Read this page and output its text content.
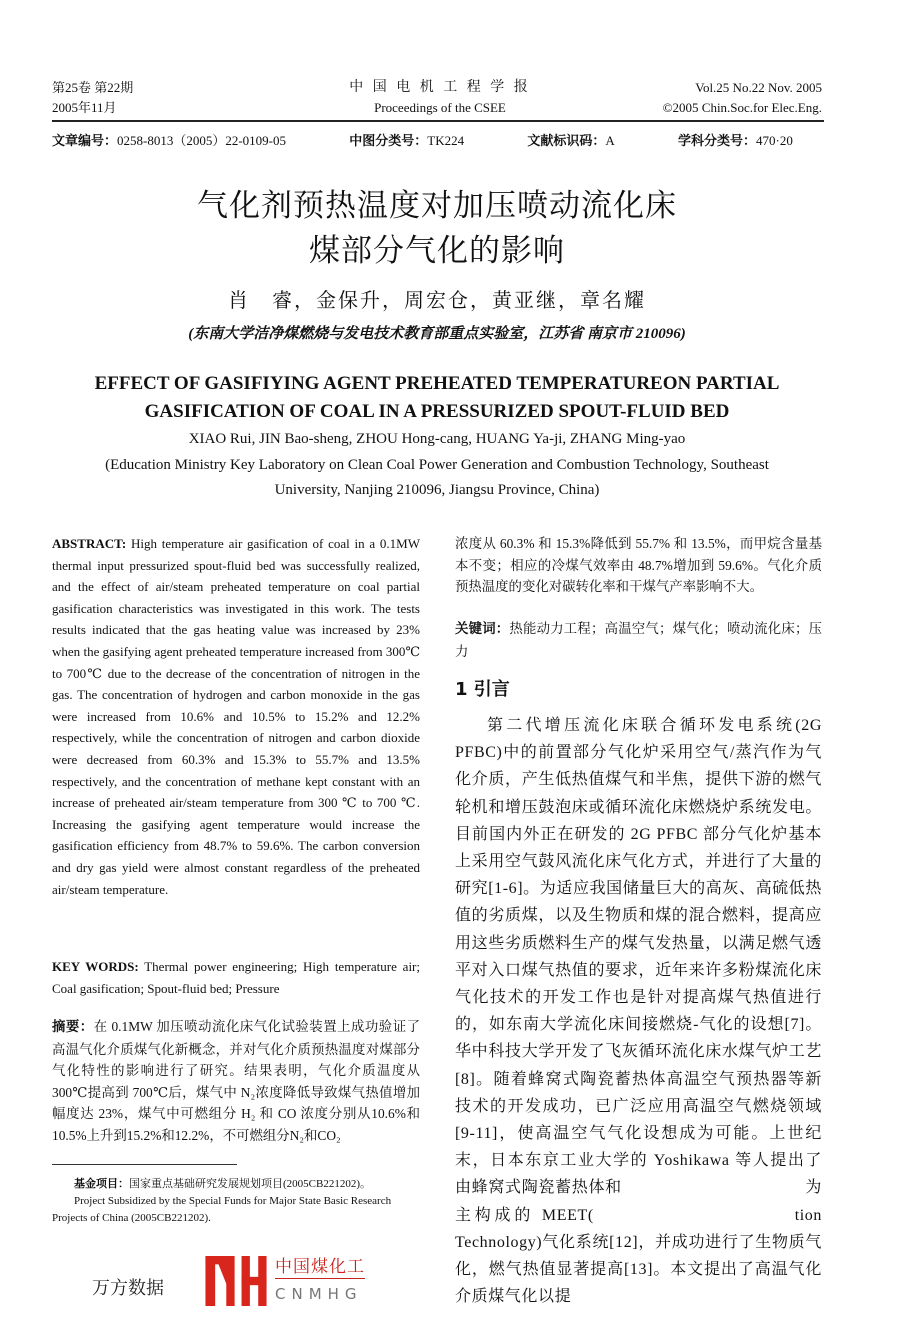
第25卷 第22期
2005年11月
中 国 电 机 工 程 学 报
Proceedings of the CSEE
Vol.25 No.22 Nov. 2005
©2005 Chin.Soc.for Elec.Eng.
文章编号：0258-8013（2005）22-0109-05	中图分类号：TK224	文献标识码：A	学科分类号：470·20
气化剂预热温度对加压喷动流化床
煤部分气化的影响
肖　睿，金保升，周宏仓，黄亚继，章名耀
(东南大学洁净煤燃烧与发电技术教育部重点实验室，江苏省 南京市 210096)
EFFECT OF GASIFIYING AGENT PREHEATED TEMPERATUREON PARTIAL
GASIFICATION OF COAL IN A PRESSURIZED SPOUT-FLUID BED
XIAO Rui, JIN Bao-sheng, ZHOU Hong-cang, HUANG Ya-ji, ZHANG Ming-yao
(Education Ministry Key Laboratory on Clean Coal Power Generation and Combustion Technology, Southeast
University, Nanjing 210096, Jiangsu Province, China)
ABSTRACT: High temperature air gasification of coal in a 0.1MW thermal input pressurized spout-fluid bed was successfully realized, and the effect of air/steam preheated temperature on coal partial gasification characteristics was investigated in this work. The tests results indicated that the gas heating value was increased by 23% when the gasifying agent preheated temperature increased from 300℃ to 700℃ due to the decrease of the concentration of nitrogen in the gas. The concentration of hydrogen and carbon monoxide in the gas were increased from 10.6% and 10.5% to 15.2% and 12.2% respectively, while the concentration of nitrogen and carbon dioxide were decreased from 60.3% and 15.3% to 55.7% and 13.5% respectively, and the concentration of methane kept constant with an increase of preheated air/steam temperature from 300 ℃ to 700 ℃. Increasing the gasifying agent temperature would increase the gasification efficiency from 48.7% to 59.6%. The carbon conversion and dry gas yield were almost constant regardless of the preheated air/steam temperature.
KEY WORDS: Thermal power engineering; High temperature air; Coal gasification; Spout-fluid bed; Pressure
摘要：在 0.1MW 加压喷动流化床气化试验装置上成功验证了高温气化介质煤气化新概念，并对气化介质预热温度对煤部分气化特性的影响进行了研究。结果表明，气化介质温度从 300℃提高到 700℃后，煤气中 N₂浓度降低导致煤气热值增加幅度达 23%，煤气中可燃组分 H₂ 和 CO 浓度分别从10.6%和10.5%上升到15.2%和12.2%，不可燃组分N₂和CO₂

基金项目：国家重点基础研究发展规划项目(2005CB221202)。

Project Subsidized by the Special Funds for Major State Basic Research

Projects of China (2005CB221202).

万方数据
浓度从 60.3% 和 15.3%降低到 55.7% 和 13.5%，而甲烷含量基本不变；相应的冷煤气效率由 48.7%增加到 59.6%。气化介质预热温度的变化对碳转化率和干煤气产率影响不大。
关键词：热能动力工程；高温空气；煤气化；喷动流化床；压力
1 引言
第二代增压流化床联合循环发电系统(2G PFBC)中的前置部分气化炉采用空气/蒸汽作为气化介质，产生低热值煤气和半焦，提供下游的燃气轮机和增压鼓泡床或循环流化床燃烧炉系统发电。目前国内外正在研发的 2G PFBC 部分气化炉基本上采用空气鼓风流化床气化方式，并进行了大量的研究[1-6]。为适应我国储量巨大的高灰、高硫低热值的劣质煤，以及生物质和煤的混合燃料，提高应用这些劣质燃料生产的煤气发热量，以满足燃气透平对入口煤气热值的要求，近年来许多粉煤流化床气化技术的开发工作也是针对提高煤气热值进行的，如东南大学流化床间接燃烧-气化的设想[7]。华中科技大学开发了飞灰循环流化床水煤气炉工艺[8]。随着蜂窝式陶瓷蓄热体高温空气预热器等新技术的开发成功，已广泛应用高温空气燃烧领域[9-11]，使高温空气气化设想成为可能。上世纪末，日本东京工业大学的 Yoshikawa 等人提出了由蜂窝式陶瓷蓄热体和　　　　　　　　　　　为主构成的 MEET(　　　　　　　　　　tion Technology)气化系统[12]，并成功进行了生物质气化，燃气热值显著提高[13]。本文提出了高温气化介质煤气化以提
中国煤化工
CNMHG
